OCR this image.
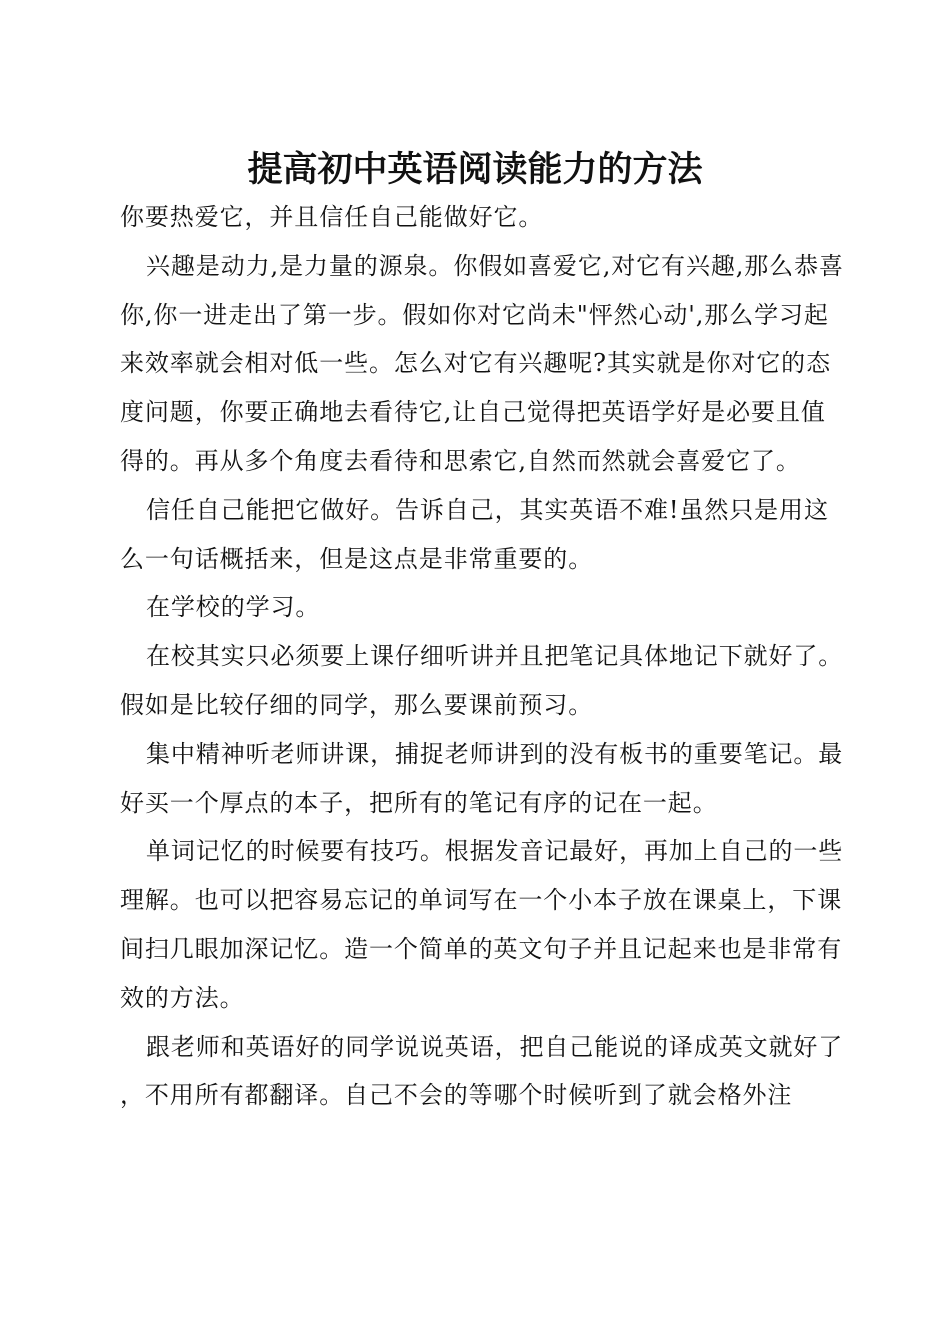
提高初中英语阅读能力的方法

你要热爱它，并且信任自己能做好它。

兴趣是动力,是力量的源泉。你假如喜爱它,对它有兴趣,那么恭喜你,你一进走出了第一步。假如你对它尚未"怦然心动',那么学习起来效率就会相对低一些。怎么对它有兴趣呢?其实就是你对它的态度问题，你要正确地去看待它,让自己觉得把英语学好是必要且值得的。再从多个角度去看待和思索它,自然而然就会喜爱它了。

信任自己能把它做好。告诉自己，其实英语不难!虽然只是用这么一句话概括来，但是这点是非常重要的。

在学校的学习。

在校其实只必须要上课仔细听讲并且把笔记具体地记下就好了。假如是比较仔细的同学，那么要课前预习。

集中精神听老师讲课，捕捉老师讲到的没有板书的重要笔记。最好买一个厚点的本子，把所有的笔记有序的记在一起。

单词记忆的时候要有技巧。根据发音记最好，再加上自己的一些理解。也可以把容易忘记的单词写在一个小本子放在课桌上，下课间扫几眼加深记忆。造一个简单的英文句子并且记起来也是非常有效的方法。

跟老师和英语好的同学说说英语，把自己能说的译成英文就好了，不用所有都翻译。自己不会的等哪个时候听到了就会格外注
